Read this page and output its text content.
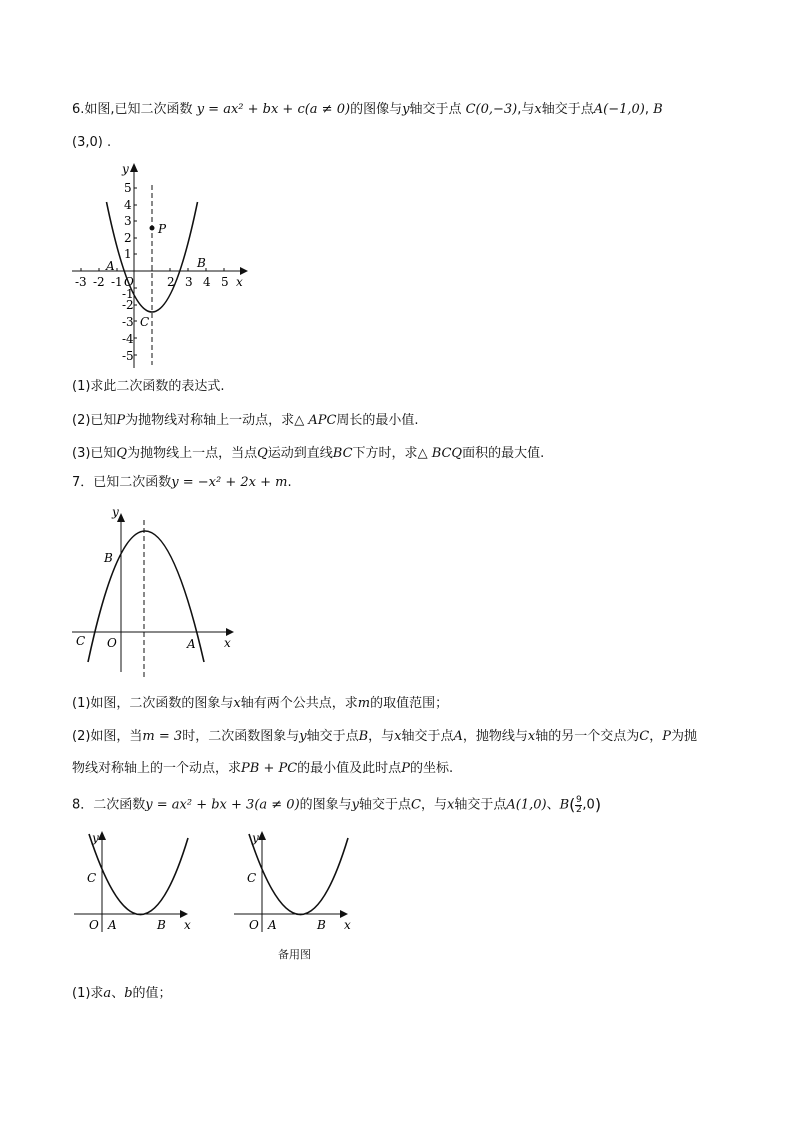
6.如图,已知二次函数 y = ax² + bx + c(a ≠ 0)的图像与y轴交于点 C(0,−3),与x轴交于点A(−1,0), B
(3,0) .
-3 -2 -1 O	2 3 4 5 x
y
5
4
3
2
1
-1
-2
-3
-4
-5
P
A	B
C
(1)求此二次函数的表达式.
(2)已知P为抛物线对称轴上一动点，求△ APC周长的最小值.
(3)已知Q为抛物线上一点，当点Q运动到直线BC下方时，求△ BCQ面积的最大值.
7．已知二次函数y = −x² + 2x + m.
y
B
C O	A x
(1)如图，二次函数的图象与x轴有两个公共点，求m的取值范围；
(2)如图，当m = 3时，二次函数图象与y轴交于点B，与x轴交于点A，抛物线与x轴的另一个交点为C，P为抛
物线对称轴上的一个动点，求PB + PC的最小值及此时点P的坐标.
8．二次函数y = ax² + bx + 3(a ≠ 0)的图象与y轴交于点C，与x轴交于点A(1,0)、$B( \frac{9}{2} ,0)$
y
C
O A	B x
y
C
O A	B x
备用图
(1)求a、b的值；
